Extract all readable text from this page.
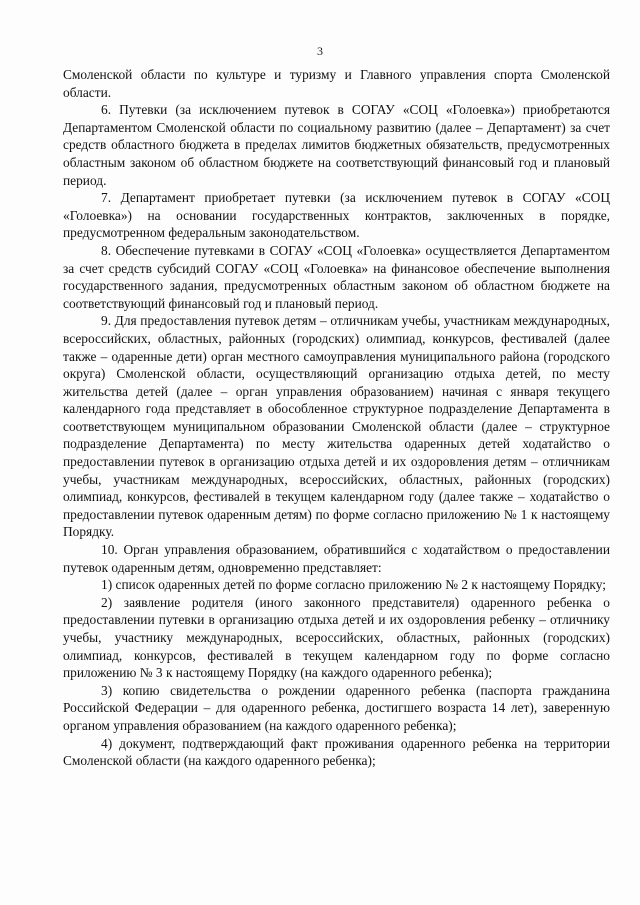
3

Смоленской области по культуре и туризму и Главного управления спорта Смоленской области.

6. Путевки (за исключением путевок в СОГАУ «СОЦ «Голоевка») приобретаются Департаментом Смоленской области по социальному развитию (далее – Департамент) за счет средств областного бюджета в пределах лимитов бюджетных обязательств, предусмотренных областным законом об областном бюджете на соответствующий финансовый год и плановый период.

7. Департамент приобретает путевки (за исключением путевок в СОГАУ «СОЦ «Голоевка») на основании государственных контрактов, заключенных в порядке, предусмотренном федеральным законодательством.

8. Обеспечение путевками в СОГАУ «СОЦ «Голоевка» осуществляется Департаментом за счет средств субсидий СОГАУ «СОЦ «Голоевка» на финансовое обеспечение выполнения государственного задания, предусмотренных областным законом об областном бюджете на соответствующий финансовый год и плановый период.

9. Для предоставления путевок детям – отличникам учебы, участникам международных, всероссийских, областных, районных (городских) олимпиад, конкурсов, фестивалей (далее также – одаренные дети) орган местного самоуправления муниципального района (городского округа) Смоленской области, осуществляющий организацию отдыха детей, по месту жительства детей (далее – орган управления образованием) начиная с января текущего календарного года представляет в обособленное структурное подразделение Департамента в соответствующем муниципальном образовании Смоленской области (далее – структурное подразделение Департамента) по месту жительства одаренных детей ходатайство о предоставлении путевок в организацию отдыха детей и их оздоровления детям – отличникам учебы, участникам международных, всероссийских, областных, районных (городских) олимпиад, конкурсов, фестивалей в текущем календарном году (далее также – ходатайство о предоставлении путевок одаренным детям) по форме согласно приложению № 1 к настоящему Порядку.

10. Орган управления образованием, обратившийся с ходатайством о предоставлении путевок одаренным детям, одновременно представляет:

1) список одаренных детей по форме согласно приложению № 2 к настоящему Порядку;

2) заявление родителя (иного законного представителя) одаренного ребенка о предоставлении путевки в организацию отдыха детей и их оздоровления ребенку – отличнику учебы, участнику международных, всероссийских, областных, районных (городских) олимпиад, конкурсов, фестивалей в текущем календарном году по форме согласно приложению № 3 к настоящему Порядку (на каждого одаренного ребенка);

3) копию свидетельства о рождении одаренного ребенка (паспорта гражданина Российской Федерации – для одаренного ребенка, достигшего возраста 14 лет), заверенную органом управления образованием (на каждого одаренного ребенка);

4) документ, подтверждающий факт проживания одаренного ребенка на территории Смоленской области (на каждого одаренного ребенка);
